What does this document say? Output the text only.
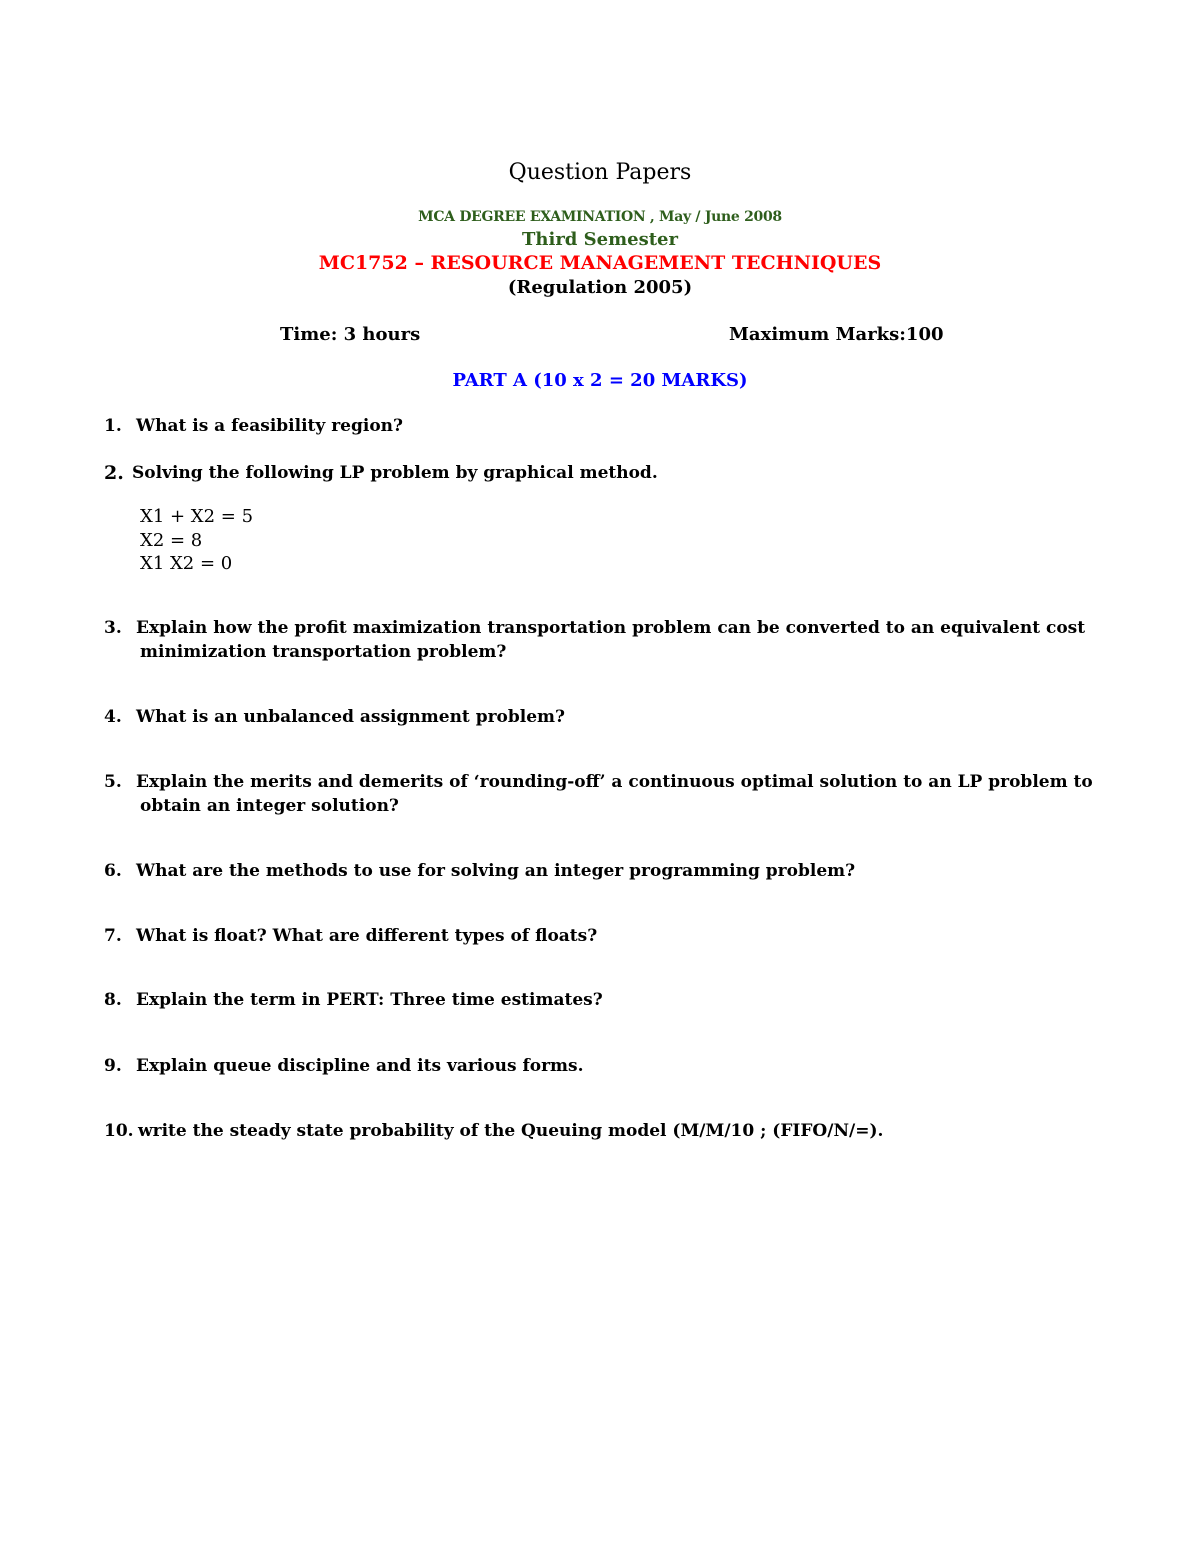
Question Papers
MCA DEGREE EXAMINATION , May / June 2008
Third Semester
MC1752 – RESOURCE MANAGEMENT TECHNIQUES
(Regulation 2005)
Time: 3 hours	Maximum Marks:100
PART A (10 x 2 = 20 MARKS)
1. What is a feasibility region?
2. Solving the following LP problem by graphical method.
X1 + X2 = 5
X2 = 8
X1 X2 = 0
3. Explain how the profit maximization transportation problem can be converted to an equivalent cost
minimization transportation problem?
4. What is an unbalanced assignment problem?
5. Explain the merits and demerits of ‘rounding-off’ a continuous optimal solution to an LP problem to
obtain an integer solution?
6. What are the methods to use for solving an integer programming problem?
7. What is float? What are different types of floats?
8. Explain the term in PERT: Three time estimates?
9. Explain queue discipline and its various forms.
10. write the steady state probability of the Queuing model (M/M/10 ; (FIFO/N/=).
